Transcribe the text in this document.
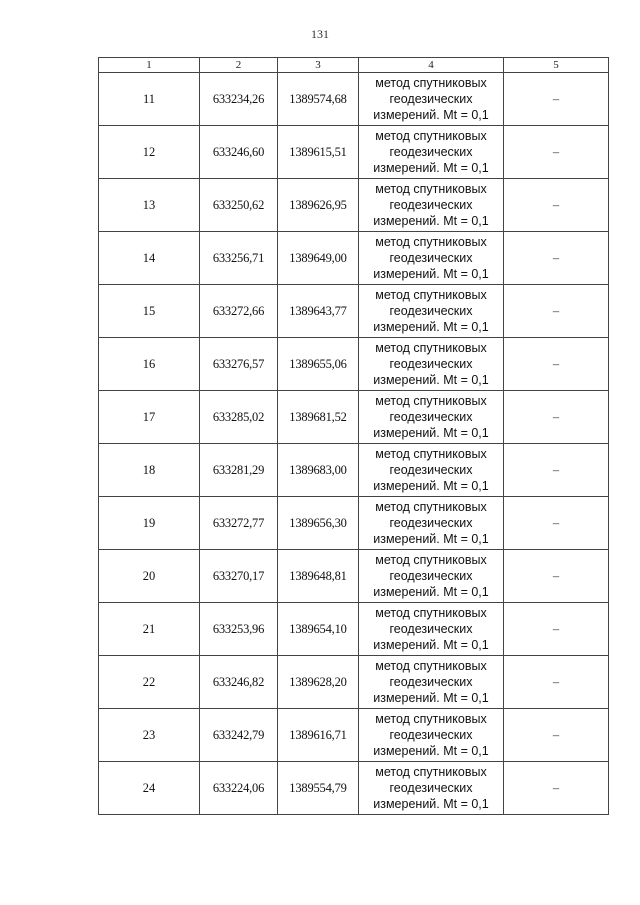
131
1	2	3	4	5
11	633234,26	1389574,68	метод спутниковых
геодезических
измерений. Mt = 0,1	–
12	633246,60	1389615,51	метод спутниковых
геодезических
измерений. Mt = 0,1	–
13	633250,62	1389626,95	метод спутниковых
геодезических
измерений. Mt = 0,1	–
14	633256,71	1389649,00	метод спутниковых
геодезических
измерений. Mt = 0,1	–
15	633272,66	1389643,77	метод спутниковых
геодезических
измерений. Mt = 0,1	–
16	633276,57	1389655,06	метод спутниковых
геодезических
измерений. Mt = 0,1	–
17	633285,02	1389681,52	метод спутниковых
геодезических
измерений. Mt = 0,1	–
18	633281,29	1389683,00	метод спутниковых
геодезических
измерений. Mt = 0,1	–
19	633272,77	1389656,30	метод спутниковых
геодезических
измерений. Mt = 0,1	–
20	633270,17	1389648,81	метод спутниковых
геодезических
измерений. Mt = 0,1	–
21	633253,96	1389654,10	метод спутниковых
геодезических
измерений. Mt = 0,1	–
22	633246,82	1389628,20	метод спутниковых
геодезических
измерений. Mt = 0,1	–
23	633242,79	1389616,71	метод спутниковых
геодезических
измерений. Mt = 0,1	–
24	633224,06	1389554,79	метод спутниковых
геодезических
измерений. Mt = 0,1	–
